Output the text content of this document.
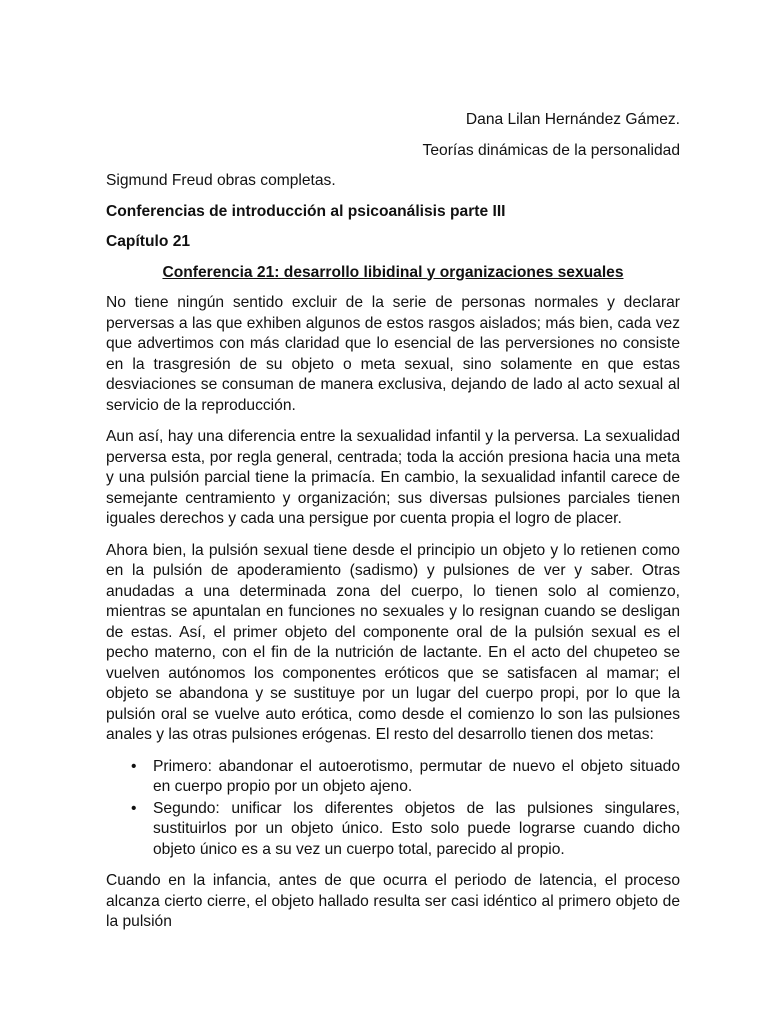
Dana Lilan Hernández Gámez.
Teorías dinámicas de la personalidad
Sigmund Freud obras completas.
Conferencias de introducción al psicoanálisis parte III
Capítulo 21
Conferencia 21: desarrollo libidinal y organizaciones sexuales

No tiene ningún sentido excluir de la serie de personas normales y declarar perversas a las que exhiben algunos de estos rasgos aislados; más bien, cada vez que advertimos con más claridad que lo esencial de las perversiones no consiste en la trasgresión de su objeto o meta sexual, sino solamente en que estas desviaciones se consuman de manera exclusiva, dejando de lado al acto sexual al servicio de la reproducción.

Aun así, hay una diferencia entre la sexualidad infantil y la perversa. La sexualidad perversa esta, por regla general, centrada; toda la acción presiona hacia una meta y una pulsión parcial tiene la primacía. En cambio, la sexualidad infantil carece de semejante centramiento y organización; sus diversas pulsiones parciales tienen iguales derechos y cada una persigue por cuenta propia el logro de placer.

Ahora bien, la pulsión sexual tiene desde el principio un objeto y lo retienen como en la pulsión de apoderamiento (sadismo) y pulsiones de ver y saber. Otras anudadas a una determinada zona del cuerpo, lo tienen solo al comienzo, mientras se apuntalan en funciones no sexuales y lo resignan cuando se desligan de estas. Así, el primer objeto del componente oral de la pulsión sexual es el pecho materno, con el fin de la nutrición de lactante. En el acto del chupeteo se vuelven autónomos los componentes eróticos que se satisfacen al mamar; el objeto se abandona y se sustituye por un lugar del cuerpo propi, por lo que la pulsión oral se vuelve auto erótica, como desde el comienzo lo son las pulsiones anales y las otras pulsiones erógenas. El resto del desarrollo tienen dos metas:

• Primero: abandonar el autoerotismo, permutar de nuevo el objeto situado en cuerpo propio por un objeto ajeno.
• Segundo: unificar los diferentes objetos de las pulsiones singulares, sustituirlos por un objeto único. Esto solo puede lograrse cuando dicho objeto único es a su vez un cuerpo total, parecido al propio.

Cuando en la infancia, antes de que ocurra el periodo de latencia, el proceso alcanza cierto cierre, el objeto hallado resulta ser casi idéntico al primero objeto de la pulsión
